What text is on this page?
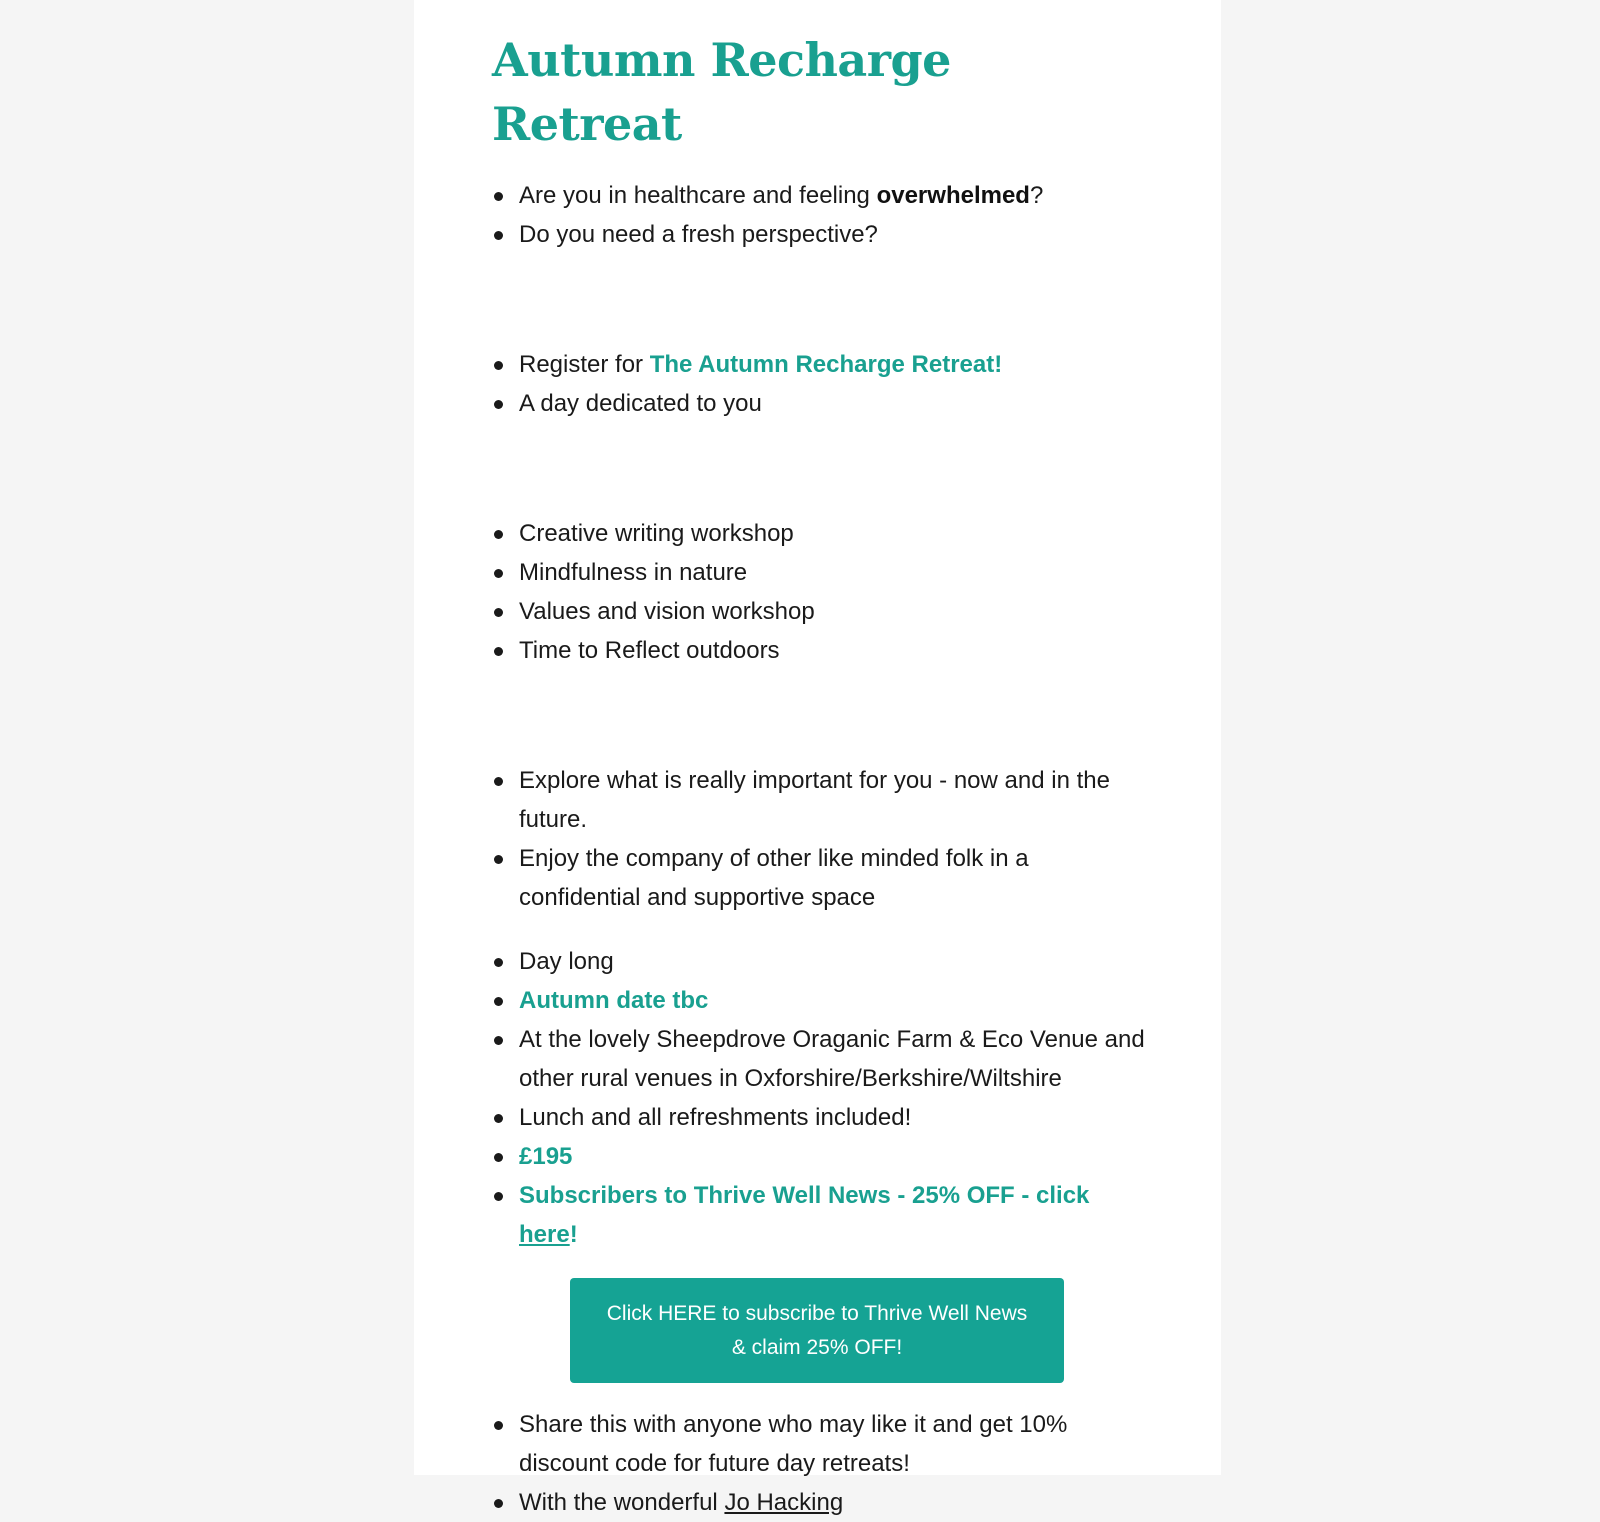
Autumn Recharge Retreat
Are you in healthcare and feeling overwhelmed?
Do you need a fresh perspective?
Register for The Autumn Recharge Retreat!
A day dedicated to you
Creative writing workshop
Mindfulness in nature
Values and vision workshop
Time to Reflect outdoors
Explore what is really important for you - now and in the future.
Enjoy the company of other like minded folk in a confidential and supportive space
Day long
Autumn date tbc
At the lovely Sheepdrove Oraganic Farm & Eco Venue and other rural venues in Oxforshire/Berkshire/Wiltshire
Lunch and all refreshments included!
£195
Subscribers to Thrive Well News - 25% OFF - click here!
Click HERE to subscribe to Thrive Well News
& claim 25% OFF!
Share this with anyone who may like it and get 10% discount code for future day retreats!
With the wonderful Jo Hacking
